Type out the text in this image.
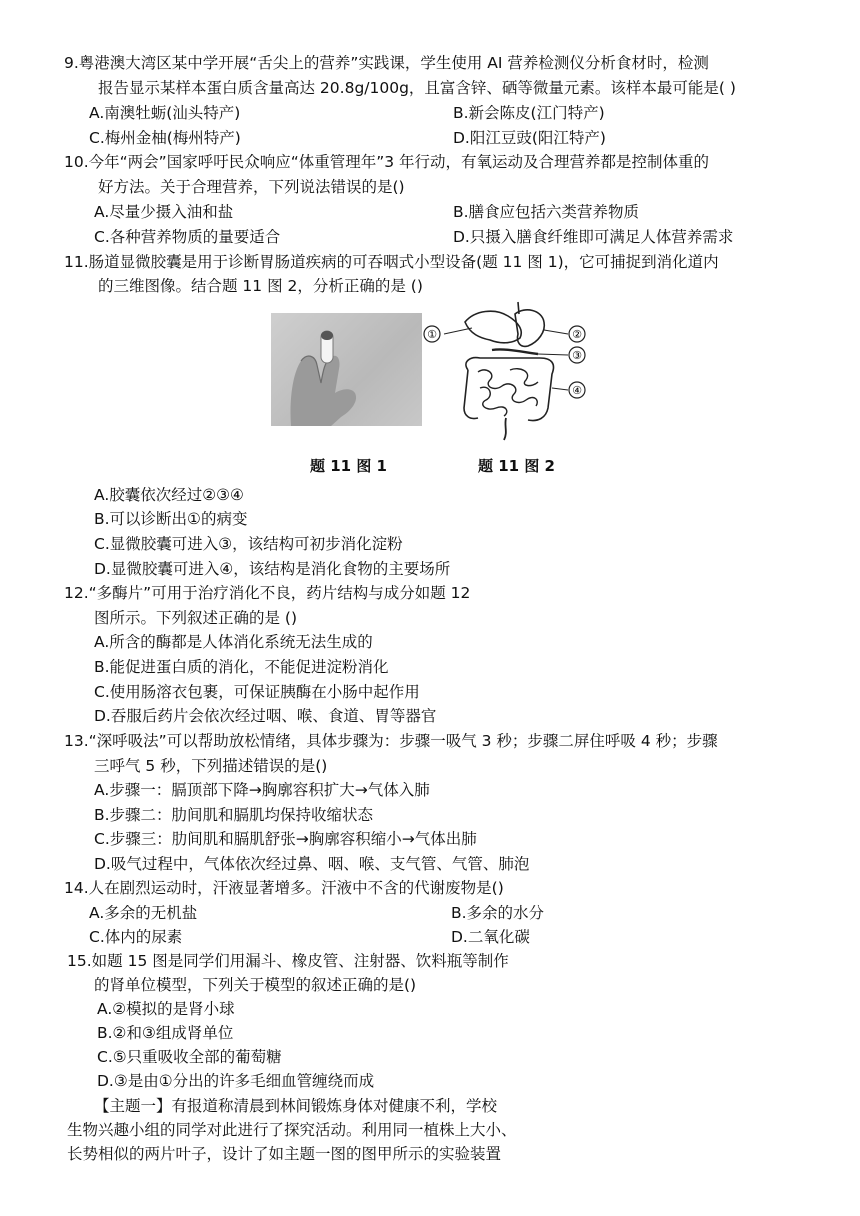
9.粤港澳大湾区某中学开展“舌尖上的营养”实践课，学生使用 AI 营养检测仪分析食材时，检测
报告显示某样本蛋白质含量高达 20.8g/100g，且富含锌、硒等微量元素。该样本最可能是( )
A.南澳牡蛎(汕头特产)	B.新会陈皮(江门特产)
C.梅州金柚(梅州特产)	D.阳江豆豉(阳江特产)
10.今年“两会”国家呼吁民众响应“体重管理年”3 年行动，有氧运动及合理营养都是控制体重的
好方法。关于合理营养，下列说法错误的是()
A.尽量少摄入油和盐	B.膳食应包括六类营养物质
C.各种营养物质的量要适合	D.只摄入膳食纤维即可满足人体营养需求
11.肠道显微胶囊是用于诊断胃肠道疾病的可吞咽式小型设备(题 11 图 1)，它可捕捉到消化道内
的三维图像。结合题 11 图 2，分析正确的是 ()
①	②
③
④
题 11 图 1	题 11 图 2
A.胶囊依次经过②③④
B.可以诊断出①的病变
C.显微胶囊可进入③，该结构可初步消化淀粉
D.显微胶囊可进入④，该结构是消化食物的主要场所
12.“多酶片”可用于治疗消化不良，药片结构与成分如题 12
图所示。下列叙述正确的是 ()
A.所含的酶都是人体消化系统无法生成的
B.能促进蛋白质的消化，不能促进淀粉消化
C.使用肠溶衣包裹，可保证胰酶在小肠中起作用
D.吞服后药片会依次经过咽、喉、食道、胃等器官
13.“深呼吸法”可以帮助放松情绪，具体步骤为：步骤一吸气 3 秒；步骤二屏住呼吸 4 秒；步骤
三呼气 5 秒，下列描述错误的是()
A.步骤一：膈顶部下降→胸廓容积扩大→气体入肺
B.步骤二：肋间肌和膈肌均保持收缩状态
C.步骤三：肋间肌和膈肌舒张→胸廓容积缩小→气体出肺
D.吸气过程中，气体依次经过鼻、咽、喉、支气管、气管、肺泡
14.人在剧烈运动时，汗液显著增多。汗液中不含的代谢废物是()
A.多余的无机盐	B.多余的水分
C.体内的尿素	D.二氧化碳
15.如题 15 图是同学们用漏斗、橡皮管、注射器、饮料瓶等制作
的肾单位模型，下列关于模型的叙述正确的是()
A.②模拟的是肾小球
B.②和③组成肾单位
C.⑤只重吸收全部的葡萄糖
D.③是由①分出的许多毛细血管缠绕而成
【主题一】有报道称清晨到林间锻炼身体对健康不利，学校
生物兴趣小组的同学对此进行了探究活动。利用同一植株上大小、
长势相似的两片叶子，设计了如主题一图的图甲所示的实验装置
